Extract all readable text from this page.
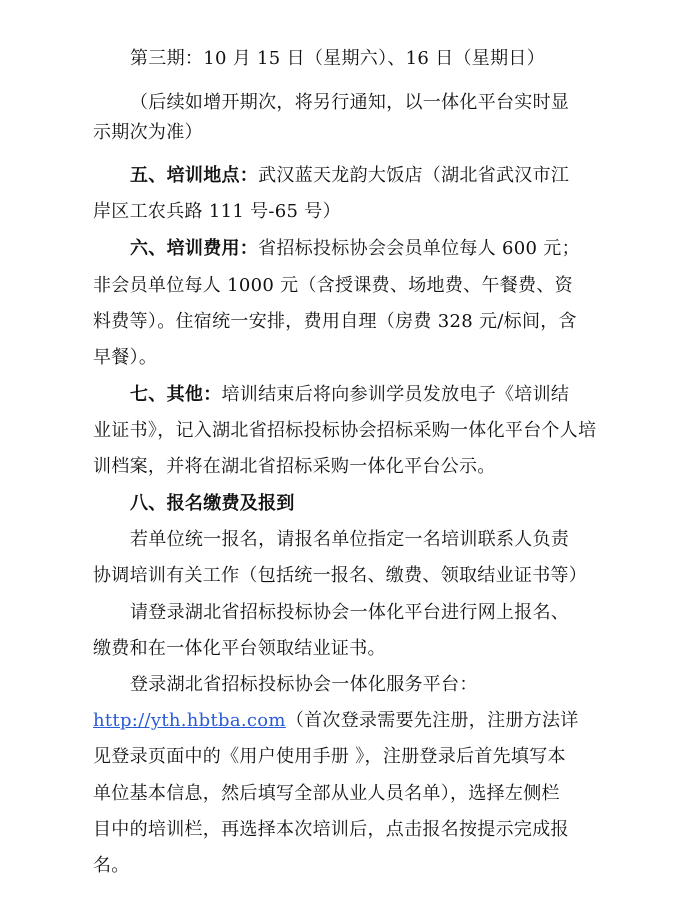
第三期：10 月 15 日（星期六）、16 日（星期日）
（后续如增开期次，将另行通知，以一体化平台实时显
示期次为准）
五、培训地点：武汉蓝天龙韵大饭店（湖北省武汉市江
岸区工农兵路 111 号-65 号）
六、培训费用：省招标投标协会会员单位每人 600 元；
非会员单位每人 1000 元（含授课费、场地费、午餐费、资
料费等）。住宿统一安排，费用自理（房费 328 元/标间，含
早餐）。
七、其他：培训结束后将向参训学员发放电子《培训结
业证书》，记入湖北省招标投标协会招标采购一体化平台个人培
训档案，并将在湖北省招标采购一体化平台公示。
八、报名缴费及报到
若单位统一报名，请报名单位指定一名培训联系人负责
协调培训有关工作（包括统一报名、缴费、领取结业证书等）
请登录湖北省招标投标协会一体化平台进行网上报名、
缴费和在一体化平台领取结业证书。
登录湖北省招标投标协会一体化服务平台：
http://yth.hbtba.com（首次登录需要先注册，注册方法详
见登录页面中的《用户使用手册 》，注册登录后首先填写本
单位基本信息，然后填写全部从业人员名单），选择左侧栏
目中的培训栏，再选择本次培训后，点击报名按提示完成报
名。
